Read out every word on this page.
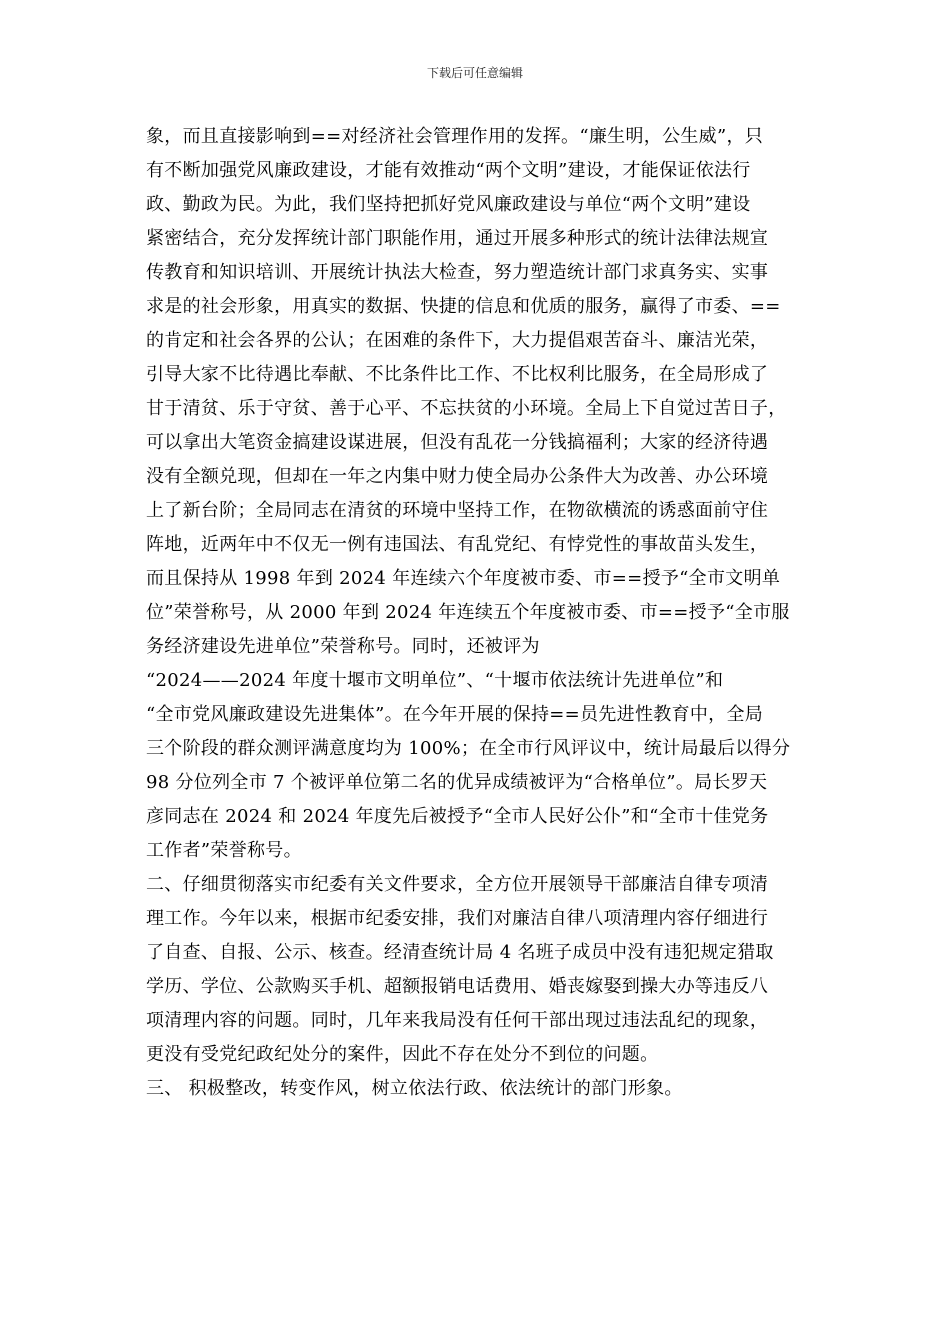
下载后可任意编辑
象，而且直接影响到==对经济社会管理作用的发挥。“廉生明，公生威”，只
有不断加强党风廉政建设，才能有效推动“两个文明”建设，才能保证依法行
政、勤政为民。为此，我们坚持把抓好党风廉政建设与单位“两个文明”建设
紧密结合，充分发挥统计部门职能作用，通过开展多种形式的统计法律法规宣
传教育和知识培训、开展统计执法大检查，努力塑造统计部门求真务实、实事
求是的社会形象，用真实的数据、快捷的信息和优质的服务，赢得了市委、==
的肯定和社会各界的公认；在困难的条件下，大力提倡艰苦奋斗、廉洁光荣，
引导大家不比待遇比奉献、不比条件比工作、不比权利比服务，在全局形成了
甘于清贫、乐于守贫、善于心平、不忘扶贫的小环境。全局上下自觉过苦日子，
可以拿出大笔资金搞建设谋进展，但没有乱花一分钱搞福利；大家的经济待遇
没有全额兑现，但却在一年之内集中财力使全局办公条件大为改善、办公环境
上了新台阶；全局同志在清贫的环境中坚持工作，在物欲横流的诱惑面前守住
阵地，近两年中不仅无一例有违国法、有乱党纪、有悖党性的事故苗头发生，
而且保持从 1998 年到 2024 年连续六个年度被市委、市==授予“全市文明单
位”荣誉称号，从 2000 年到 2024 年连续五个年度被市委、市==授予“全市服
务经济建设先进单位”荣誉称号。同时，还被评为
“2024——2024 年度十堰市文明单位”、“十堰市依法统计先进单位”和
“全市党风廉政建设先进集体”。在今年开展的保持==员先进性教育中，全局
三个阶段的群众测评满意度均为 100%；在全市行风评议中，统计局最后以得分
98 分位列全市 7 个被评单位第二名的优异成绩被评为“合格单位”。局长罗天
彦同志在 2024 和 2024 年度先后被授予“全市人民好公仆”和“全市十佳党务
工作者”荣誉称号。
二、仔细贯彻落实市纪委有关文件要求，全方位开展领导干部廉洁自律专项清
理工作。今年以来，根据市纪委安排，我们对廉洁自律八项清理内容仔细进行
了自查、自报、公示、核查。经清查统计局 4 名班子成员中没有违犯规定猎取
学历、学位、公款购买手机、超额报销电话费用、婚丧嫁娶到操大办等违反八
项清理内容的问题。同时，几年来我局没有任何干部出现过违法乱纪的现象，
更没有受党纪政纪处分的案件，因此不存在处分不到位的问题。
三、 积极整改，转变作风，树立依法行政、依法统计的部门形象。
